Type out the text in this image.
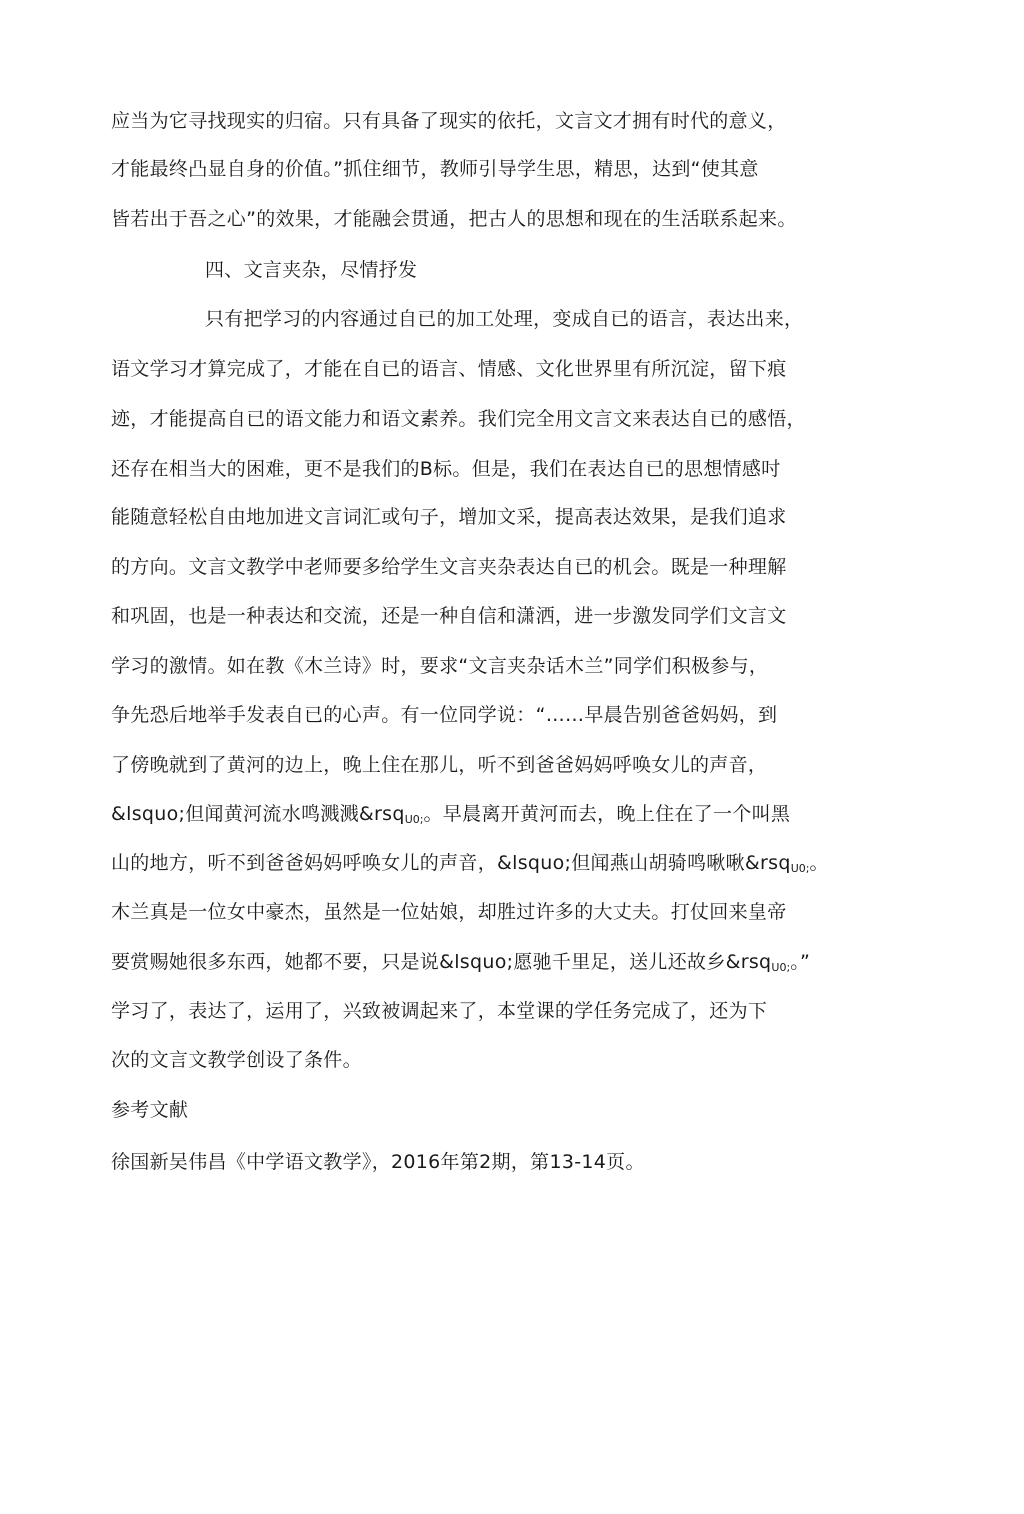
应当为它寻找现实的归宿。只有具备了现实的依托，文言文才拥有时代的意义，
才能最终凸显自身的价值。”抓住细节，教师引导学生思，精思，达到“使其意
皆若出于吾之心”的效果，才能融会贯通，把古人的思想和现在的生活联系起来。
四、文言夹杂，尽情抒发
只有把学习的内容通过自已的加工处理，变成自已的语言，表达出来，
语文学习才算完成了，才能在自已的语言、情感、文化世界里有所沉淀，留下痕
迹，才能提高自已的语文能力和语文素养。我们完全用文言文来表达自已的感悟，
还存在相当大的困难，更不是我们的B标。但是，我们在表达自已的思想情感吋
能随意轻松自由地加进文言词汇或句子，增加文采，提高表达效果，是我们追求
的方向。文言文教学中老师要多给学生文言夹杂表达自已的机会。既是一种理解
和巩固，也是一种表达和交流，还是一种自信和潇洒，进一步激发同学们文言文
学习的激情。如在教《木兰诗》时，要求“文言夹杂话木兰”同学们积极参与，
争先恐后地举手发表自已的心声。有一位同学说：“……早晨告别爸爸妈妈，到
了傍晚就到了黄河的边上，晚上住在那儿，听不到爸爸妈妈呼唤女儿的声音，
&lsquo;但闻黄河流水鸣溅溅&rsq$_{U0;}$。早晨离开黄河而去，晚上住在了一个叫黑
山的地方，听不到爸爸妈妈呼唤女儿的声音，&lsquo;但闻燕山胡骑鸣啾啾&rsq$_{U0;}$。
木兰真是一位女中豪杰，虽然是一位姑娘，却胜过许多的大丈夫。打仗回来皇帝
要赏赐她很多东西，她都不要，只是说&lsquo;愿驰千里足，送儿还故乡&rsq$_{U0;}$。”
学习了，表达了，运用了，兴致被调起来了，本堂课的学任务完成了，还为下
次的文言文教学创设了条件。
参考文献
徐国新吴伟昌《中学语文教学》，2016年第2期，第13-14页。
